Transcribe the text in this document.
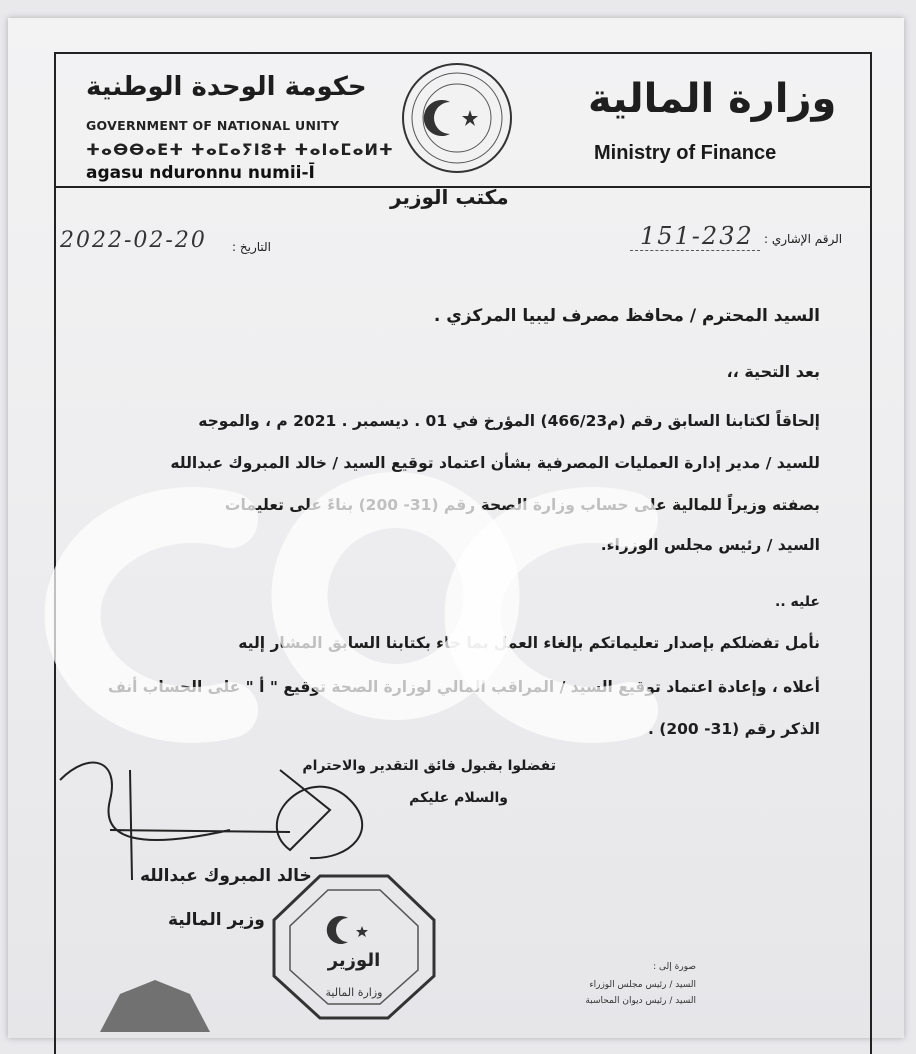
حكومة الوحدة الوطنية
GOVERNMENT OF NATIONAL UNITY
ⵜⴰⴱⴱⴰⴹⵜ ⵜⴰⵎⴰⵢⵏⵓⵜ ⵜⴰⵏⴰⵎⴰⵍⵜ
agasu nduronnu numii-Ī
وزارة المالية
Ministry of Finance
مكتب الوزير
التاريخ :
2022-02-20	الرقم الإشاري :
151-232
السيد المحترم / محافظ مصرف ليبيا المركزي .
بعد التحية ،،
إلحاقاً لكتابنا السابق رقم (م466/23) المؤرخ في 01 . ديسمبر . 2021 م ، والموجه
للسيد / مدير إدارة العمليات المصرفية بشأن اعتماد توقيع السيد / خالد المبروك عبدالله
بصفته وزيراً للمالية على حساب وزارة الصحة رقم (31- 200) بناءً على تعليمات
السيد / رئيس مجلس الوزراء.
عليه ..
نأمل تفضلكم بإصدار تعليماتكم بإلغاء العمل بما جاء بكتابنا السابق المشار إليه
أعلاه ، وإعادة اعتماد توقيع السيد / المراقب المالي لوزارة الصحة توقيع " أ " على الحساب أنف
الذكر رقم (31- 200) .
تفضلوا بقبول فائق التقدير والاحترام
والسلام عليكم
خالد المبروك عبدالله
وزير المالية
الوزير
وزارة المالية
صورة إلى :
السيد / رئيس مجلس الوزراء
السيد / رئيس ديوان المحاسبة
